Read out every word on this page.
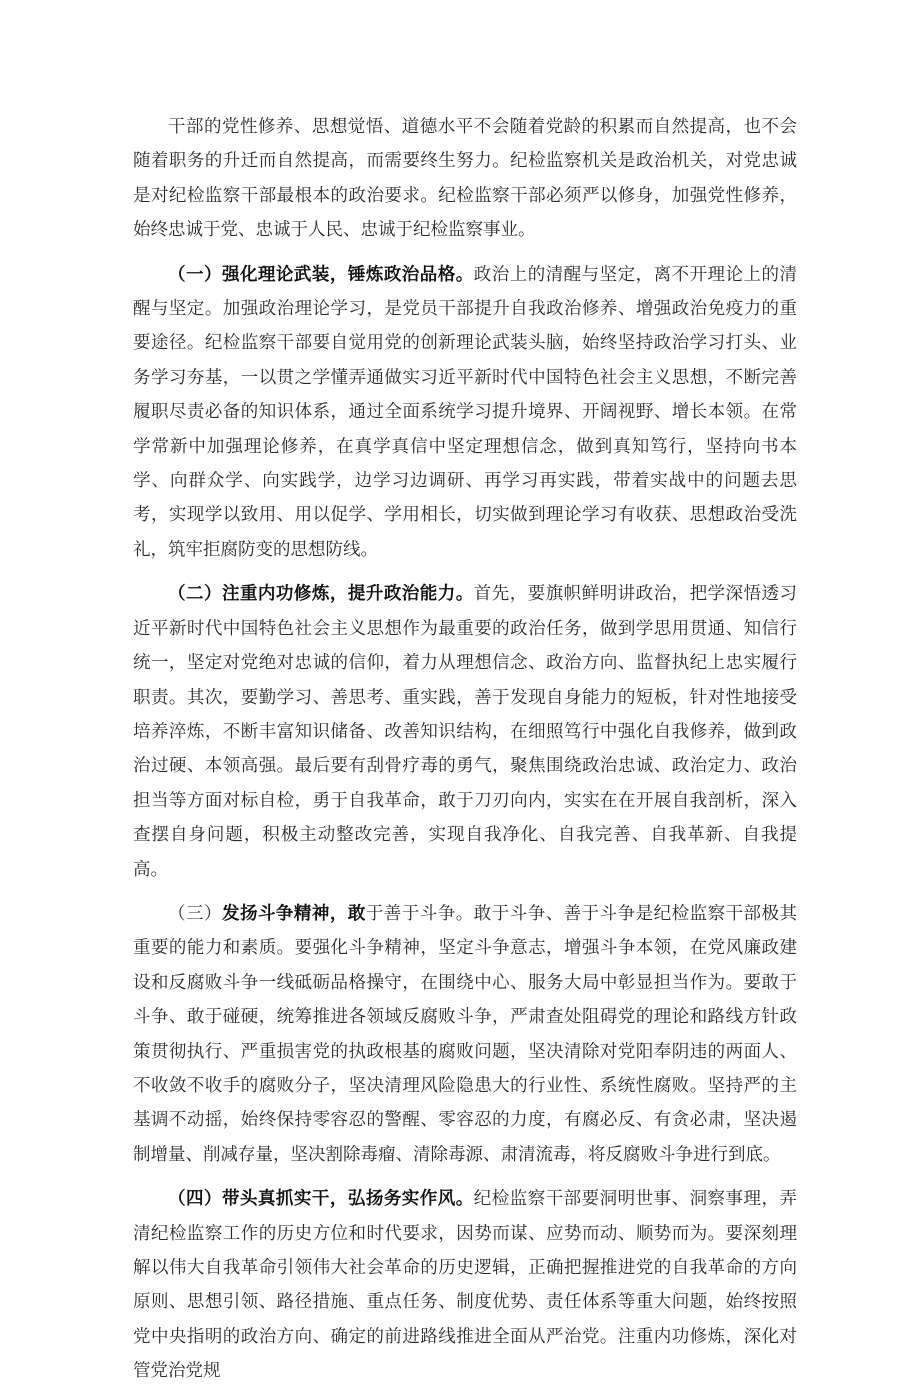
干部的党性修养、思想觉悟、道德水平不会随着党龄的积累而自然提高，也不会随着职务的升迁而自然提高，而需要终生努力。纪检监察机关是政治机关，对党忠诚是对纪检监察干部最根本的政治要求。纪检监察干部必须严以修身，加强党性修养，始终忠诚于党、忠诚于人民、忠诚于纪检监察事业。

（一）强化理论武装，锤炼政治品格。政治上的清醒与坚定，离不开理论上的清醒与坚定。加强政治理论学习，是党员干部提升自我政治修养、增强政治免疫力的重要途径。纪检监察干部要自觉用党的创新理论武装头脑，始终坚持政治学习打头、业务学习夯基，一以贯之学懂弄通做实习近平新时代中国特色社会主义思想，不断完善履职尽责必备的知识体系，通过全面系统学习提升境界、开阔视野、增长本领。在常学常新中加强理论修养，在真学真信中坚定理想信念，做到真知笃行，坚持向书本学、向群众学、向实践学，边学习边调研、再学习再实践，带着实战中的问题去思考，实现学以致用、用以促学、学用相长，切实做到理论学习有收获、思想政治受洗礼，筑牢拒腐防变的思想防线。

（二）注重内功修炼，提升政治能力。首先，要旗帜鲜明讲政治，把学深悟透习近平新时代中国特色社会主义思想作为最重要的政治任务，做到学思用贯通、知信行统一，坚定对党绝对忠诚的信仰，着力从理想信念、政治方向、监督执纪上忠实履行职责。其次，要勤学习、善思考、重实践，善于发现自身能力的短板，针对性地接受培养淬炼，不断丰富知识储备、改善知识结构，在细照笃行中强化自我修养，做到政治过硬、本领高强。最后要有刮骨疗毒的勇气，聚焦围绕政治忠诚、政治定力、政治担当等方面对标自检，勇于自我革命，敢于刀刃向内，实实在在开展自我剖析，深入查摆自身问题，积极主动整改完善，实现自我净化、自我完善、自我革新、自我提高。

（三）发扬斗争精神，敢于善于斗争。敢于斗争、善于斗争是纪检监察干部极其重要的能力和素质。要强化斗争精神，坚定斗争意志，增强斗争本领，在党风廉政建设和反腐败斗争一线砥砺品格操守，在围绕中心、服务大局中彰显担当作为。要敢于斗争、敢于碰硬，统筹推进各领域反腐败斗争，严肃查处阻碍党的理论和路线方针政策贯彻执行、严重损害党的执政根基的腐败问题，坚决清除对党阳奉阴违的两面人、不收敛不收手的腐败分子，坚决清理风险隐患大的行业性、系统性腐败。坚持严的主基调不动摇，始终保持零容忍的警醒、零容忍的力度，有腐必反、有贪必肃，坚决遏制增量、削减存量，坚决割除毒瘤、清除毒源、肃清流毒，将反腐败斗争进行到底。

（四）带头真抓实干，弘扬务实作风。纪检监察干部要洞明世事、洞察事理，弄清纪检监察工作的历史方位和时代要求，因势而谋、应势而动、顺势而为。要深刻理解以伟大自我革命引领伟大社会革命的历史逻辑，正确把握推进党的自我革命的方向原则、思想引领、路径措施、重点任务、制度优势、责任体系等重大问题，始终按照党中央指明的政治方向、确定的前进路线推进全面从严治党。注重内功修炼，深化对管党治党规
